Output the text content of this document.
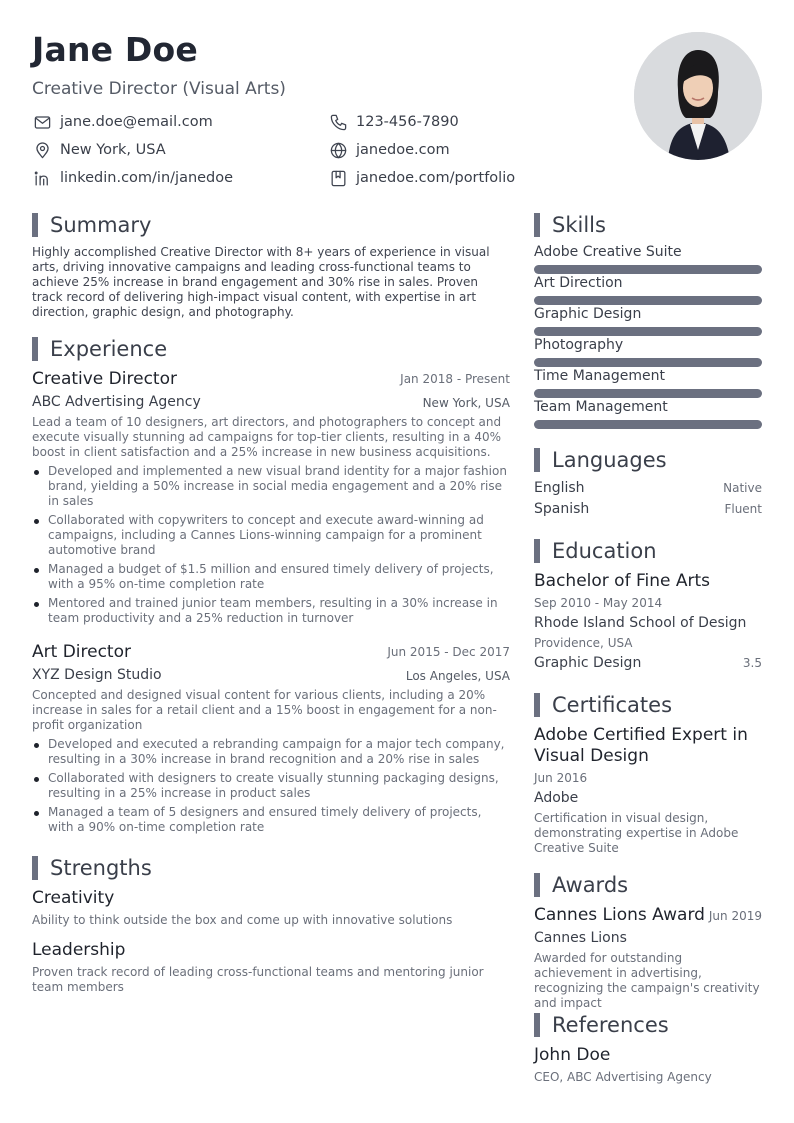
Jane Doe
Creative Director (Visual Arts)
jane.doe@email.com	123-456-7890
New York, USA	janedoe.com
linkedin.com/in/janedoe	janedoe.com/portfolio
Summary
Highly accomplished Creative Director with 8+ years of experience in visual arts, driving innovative campaigns and leading cross-functional teams to achieve 25% increase in brand engagement and 30% rise in sales. Proven track record of delivering high-impact visual content, with expertise in art direction, graphic design, and photography.
Experience
Creative Director	Jan 2018 - Present
ABC Advertising Agency	New York, USA
Lead a team of 10 designers, art directors, and photographers to concept and execute visually stunning ad campaigns for top-tier clients, resulting in a 40% boost in client satisfaction and a 25% increase in new business acquisitions.
Developed and implemented a new visual brand identity for a major fashion brand, yielding a 50% increase in social media engagement and a 20% rise in sales
Collaborated with copywriters to concept and execute award-winning ad campaigns, including a Cannes Lions-winning campaign for a prominent automotive brand
Managed a budget of $1.5 million and ensured timely delivery of projects, with a 95% on-time completion rate
Mentored and trained junior team members, resulting in a 30% increase in team productivity and a 25% reduction in turnover
Art Director	Jun 2015 - Dec 2017
XYZ Design Studio	Los Angeles, USA
Concepted and designed visual content for various clients, including a 20% increase in sales for a retail client and a 15% boost in engagement for a non-profit organization
Developed and executed a rebranding campaign for a major tech company, resulting in a 30% increase in brand recognition and a 20% rise in sales
Collaborated with designers to create visually stunning packaging designs, resulting in a 25% increase in product sales
Managed a team of 5 designers and ensured timely delivery of projects, with a 90% on-time completion rate
Strengths
Creativity
Ability to think outside the box and come up with innovative solutions
Leadership
Proven track record of leading cross-functional teams and mentoring junior team members
Skills
Adobe Creative Suite
Art Direction
Graphic Design
Photography
Time Management
Team Management
Languages
English	Native
Spanish	Fluent
Education
Bachelor of Fine Arts
Sep 2010 - May 2014
Rhode Island School of Design
Providence, USA
Graphic Design	3.5
Certificates
Adobe Certified Expert in Visual Design
Jun 2016
Adobe
Certification in visual design, demonstrating expertise in Adobe Creative Suite
Awards
Cannes Lions Award Jun 2019
Cannes Lions
Awarded for outstanding achievement in advertising, recognizing the campaign's creativity and impact
References
John Doe
CEO, ABC Advertising Agency
